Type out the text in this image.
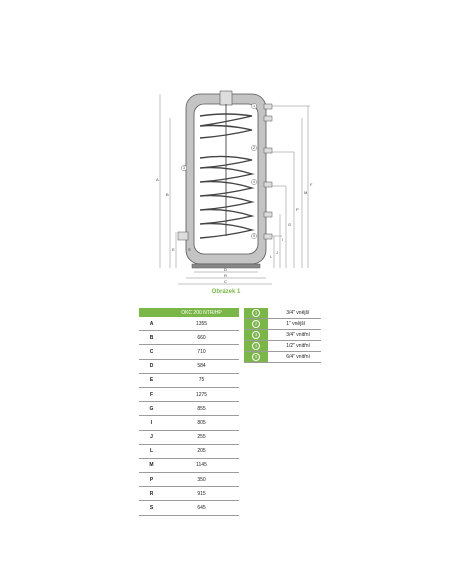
A
B
C
D
E
F
G
I
J
L
M
P
R
S
1
2
3
4
5
Obrázek 1
	OKC 200 NTR/HP
A	1355
B	660
C	710
D	584
E	75
F	1275
G	855
I	805
J	255
L	205
M	1145
P	350
R	915
S	645
1	3/4" vnější
2	1" vnější
3	3/4" vnitřní
4	1/2" vnitřní
5	6/4" vnitřní
